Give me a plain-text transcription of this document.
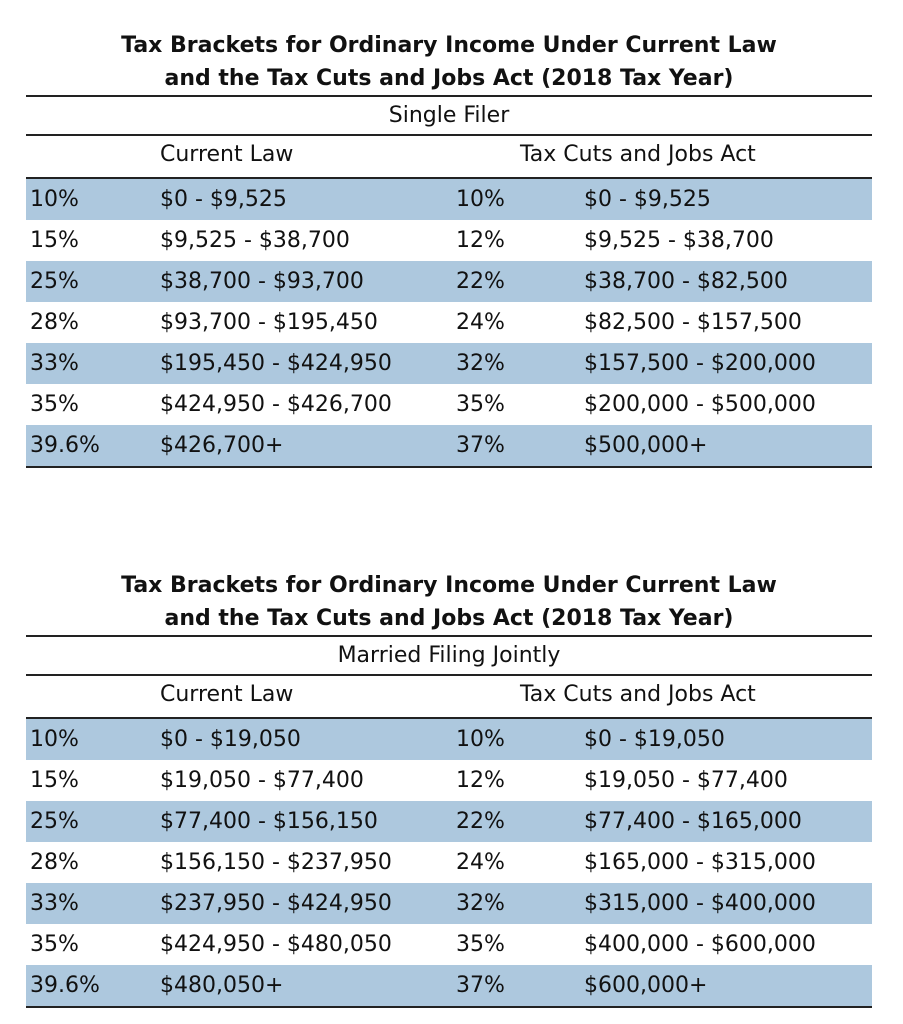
Tax Brackets for Ordinary Income Under Current Law
and the Tax Cuts and Jobs Act (2018 Tax Year)
Single Filer
Current Law	Tax Cuts and Jobs Act
10%	$0 - $9,525	10%	$0 - $9,525
15%	$9,525 - $38,700	12%	$9,525 - $38,700
25%	$38,700 - $93,700	22%	$38,700 - $82,500
28%	$93,700 - $195,450	24%	$82,500 - $157,500
33%	$195,450 - $424,950	32%	$157,500 - $200,000
35%	$424,950 - $426,700	35%	$200,000 - $500,000
39.6%	$426,700+	37%	$500,000+
Tax Brackets for Ordinary Income Under Current Law
and the Tax Cuts and Jobs Act (2018 Tax Year)
Married Filing Jointly
Current Law	Tax Cuts and Jobs Act
10%	$0 - $19,050	10%	$0 - $19,050
15%	$19,050 - $77,400	12%	$19,050 - $77,400
25%	$77,400 - $156,150	22%	$77,400 - $165,000
28%	$156,150 - $237,950	24%	$165,000 - $315,000
33%	$237,950 - $424,950	32%	$315,000 - $400,000
35%	$424,950 - $480,050	35%	$400,000 - $600,000
39.6%	$480,050+	37%	$600,000+
